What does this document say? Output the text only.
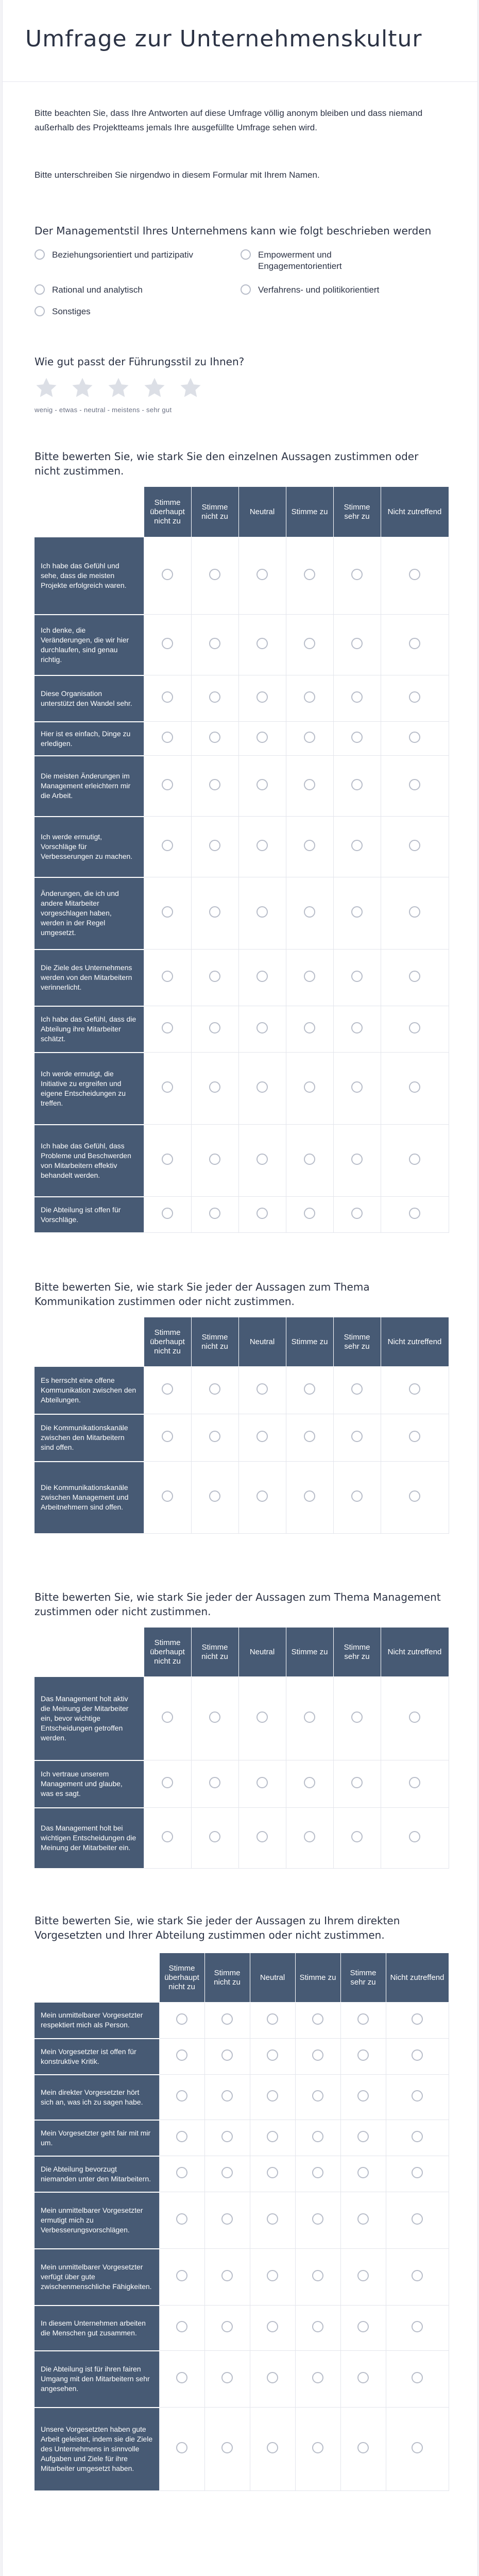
Umfrage zur Unternehmenskultur
Bitte beachten Sie, dass Ihre Antworten auf diese Umfrage völlig anonym bleiben und dass niemand außerhalb des Projektteams jemals Ihre ausgefüllte Umfrage sehen wird.
Bitte unterschreiben Sie nirgendwo in diesem Formular mit Ihrem Namen.
Der Managementstil Ihres Unternehmens kann wie folgt beschrieben werden
Beziehungsorientiert und partizipativ	Empowerment und Engagementorientiert
Rational und analytisch	Verfahrens- und politikorientiert
Sonstiges
Wie gut passt der Führungsstil zu Ihnen?
wenig - etwas - neutral - meistens - sehr gut
Bitte bewerten Sie, wie stark Sie den einzelnen Aussagen zustimmen oder nicht zustimmen.
	Stimme überhaupt nicht zu	Stimme nicht zu	Neutral	Stimme zu	Stimme sehr zu	Nicht zutreffend
Ich habe das Gefühl und sehe, dass die meisten Projekte erfolgreich waren.						
Ich denke, die Veränderungen, die wir hier durchlaufen, sind genau richtig.						
Diese Organisation unterstützt den Wandel sehr.						
Hier ist es einfach, Dinge zu erledigen.						
Die meisten Änderungen im Management erleichtern mir die Arbeit.						
Ich werde ermutigt, Vorschläge für Verbesserungen zu machen.						
Änderungen, die ich und andere Mitarbeiter vorgeschlagen haben, werden in der Regel umgesetzt.						
Die Ziele des Unternehmens werden von den Mitarbeitern verinnerlicht.						
Ich habe das Gefühl, dass die Abteilung ihre Mitarbeiter schätzt.						
Ich werde ermutigt, die Initiative zu ergreifen und eigene Entscheidungen zu treffen.						
Ich habe das Gefühl, dass Probleme und Beschwerden von Mitarbeitern effektiv behandelt werden.						
Die Abteilung ist offen für Vorschläge.						
Bitte bewerten Sie, wie stark Sie jeder der Aussagen zum Thema Kommunikation zustimmen oder nicht zustimmen.
	Stimme überhaupt nicht zu	Stimme nicht zu	Neutral	Stimme zu	Stimme sehr zu	Nicht zutreffend
Es herrscht eine offene Kommunikation zwischen den Abteilungen.						
Die Kommunikationskanäle zwischen den Mitarbeitern sind offen.						
Die Kommunikationskanäle zwischen Management und Arbeitnehmern sind offen.						
Bitte bewerten Sie, wie stark Sie jeder der Aussagen zum Thema Management zustimmen oder nicht zustimmen.
	Stimme überhaupt nicht zu	Stimme nicht zu	Neutral	Stimme zu	Stimme sehr zu	Nicht zutreffend
Das Management holt aktiv die Meinung der Mitarbeiter ein, bevor wichtige Entscheidungen getroffen werden.						
Ich vertraue unserem Management und glaube, was es sagt.						
Das Management holt bei wichtigen Entscheidungen die Meinung der Mitarbeiter ein.						
Bitte bewerten Sie, wie stark Sie jeder der Aussagen zu Ihrem direkten Vorgesetzten und Ihrer Abteilung zustimmen oder nicht zustimmen.
	Stimme überhaupt nicht zu	Stimme nicht zu	Neutral	Stimme zu	Stimme sehr zu	Nicht zutreffend
Mein unmittelbarer Vorgesetzter respektiert mich als Person.						
Mein Vorgesetzter ist offen für konstruktive Kritik.						
Mein direkter Vorgesetzter hört sich an, was ich zu sagen habe.						
Mein Vorgesetzter geht fair mit mir um.						
Die Abteilung bevorzugt niemanden unter den Mitarbeitern.						
Mein unmittelbarer Vorgesetzter ermutigt mich zu Verbesserungsvorschlägen.						
Mein unmittelbarer Vorgesetzter verfügt über gute zwischenmenschliche Fähigkeiten.						
In diesem Unternehmen arbeiten die Menschen gut zusammen.						
Die Abteilung ist für ihren fairen Umgang mit den Mitarbeitern sehr angesehen.						
Unsere Vorgesetzten haben gute Arbeit geleistet, indem sie die Ziele des Unternehmens in sinnvolle Aufgaben und Ziele für ihre Mitarbeiter umgesetzt haben.						
